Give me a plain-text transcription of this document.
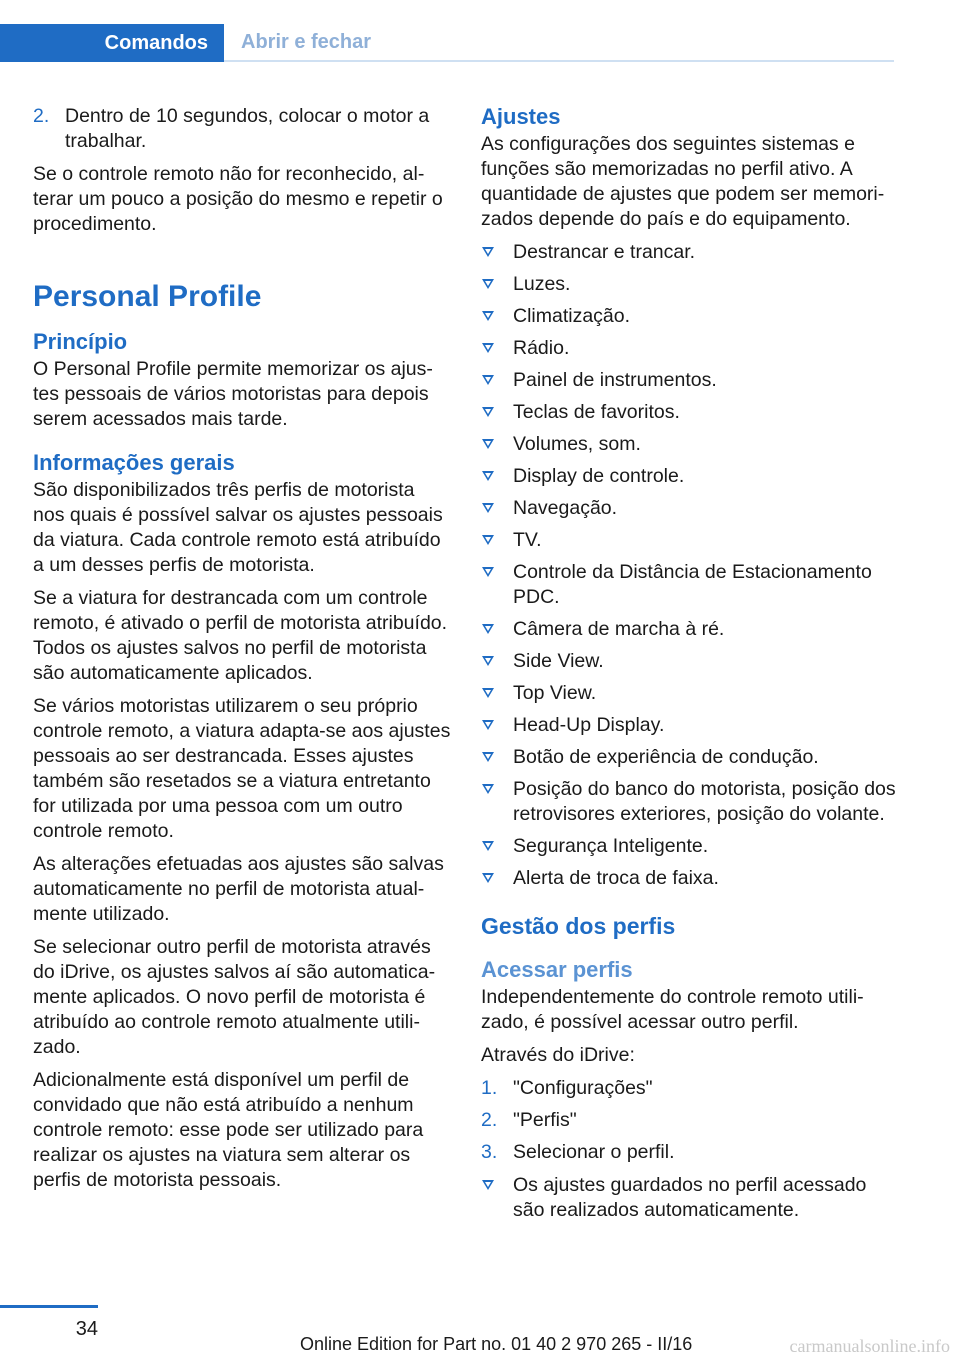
Comandos	Abrir e fechar
2. Dentro de 10 segundos, colocar o motor a trabalhar.

Se o controle remoto não for reconhecido, alterar um pouco a posição do mesmo e repetir o procedimento.

Personal Profile
Princípio

O Personal Profile permite memorizar os ajustes pessoais de vários motoristas para depois serem acessados mais tarde.

Informações gerais

São disponibilizados três perfis de motorista nos quais é possível salvar os ajustes pessoais da viatura. Cada controle remoto está atribuído a um desses perfis de motorista.

Se a viatura for destrancada com um controle remoto, é ativado o perfil de motorista atribuído. Todos os ajustes salvos no perfil de motorista são automaticamente aplicados.

Se vários motoristas utilizarem o seu próprio controle remoto, a viatura adapta-se aos ajustes pessoais ao ser destrancada. Esses ajustes também são resetados se a viatura entretanto for utilizada por uma pessoa com um outro controle remoto.

As alterações efetuadas aos ajustes são salvas automaticamente no perfil de motorista atualmente utilizado.

Se selecionar outro perfil de motorista através do iDrive, os ajustes salvos aí são automaticamente aplicados. O novo perfil de motorista é atribuído ao controle remoto atualmente utilizado.

Adicionalmente está disponível um perfil de convidado que não está atribuído a nenhum controle remoto: esse pode ser utilizado para realizar os ajustes na viatura sem alterar os perfis de motorista pessoais.

Ajustes

As configurações dos seguintes sistemas e funções são memorizadas no perfil ativo. A quantidade de ajustes que podem ser memorizados depende do país e do equipamento.

Destrancar e trancar.
Luzes.
Climatização.
Rádio.
Painel de instrumentos.
Teclas de favoritos.
Volumes, som.
Display de controle.
Navegação.
TV.
Controle da Distância de Estacionamento PDC.
Câmera de marcha à ré.
Side View.
Top View.
Head-Up Display.
Botão de experiência de condução.
Posição do banco do motorista, posição dos retrovisores exteriores, posição do volante.
Segurança Inteligente.
Alerta de troca de faixa.
Gestão dos perfis
Acessar perfis

Independentemente do controle remoto utilizado, é possível acessar outro perfil.

Através do iDrive:

1. "Configurações"
2. "Perfis"
3. Selecionar o perfil.
Os ajustes guardados no perfil acessado são realizados automaticamente.
34
Online Edition for Part no. 01 40 2 970 265 - II/16	carmanualsonline.info
